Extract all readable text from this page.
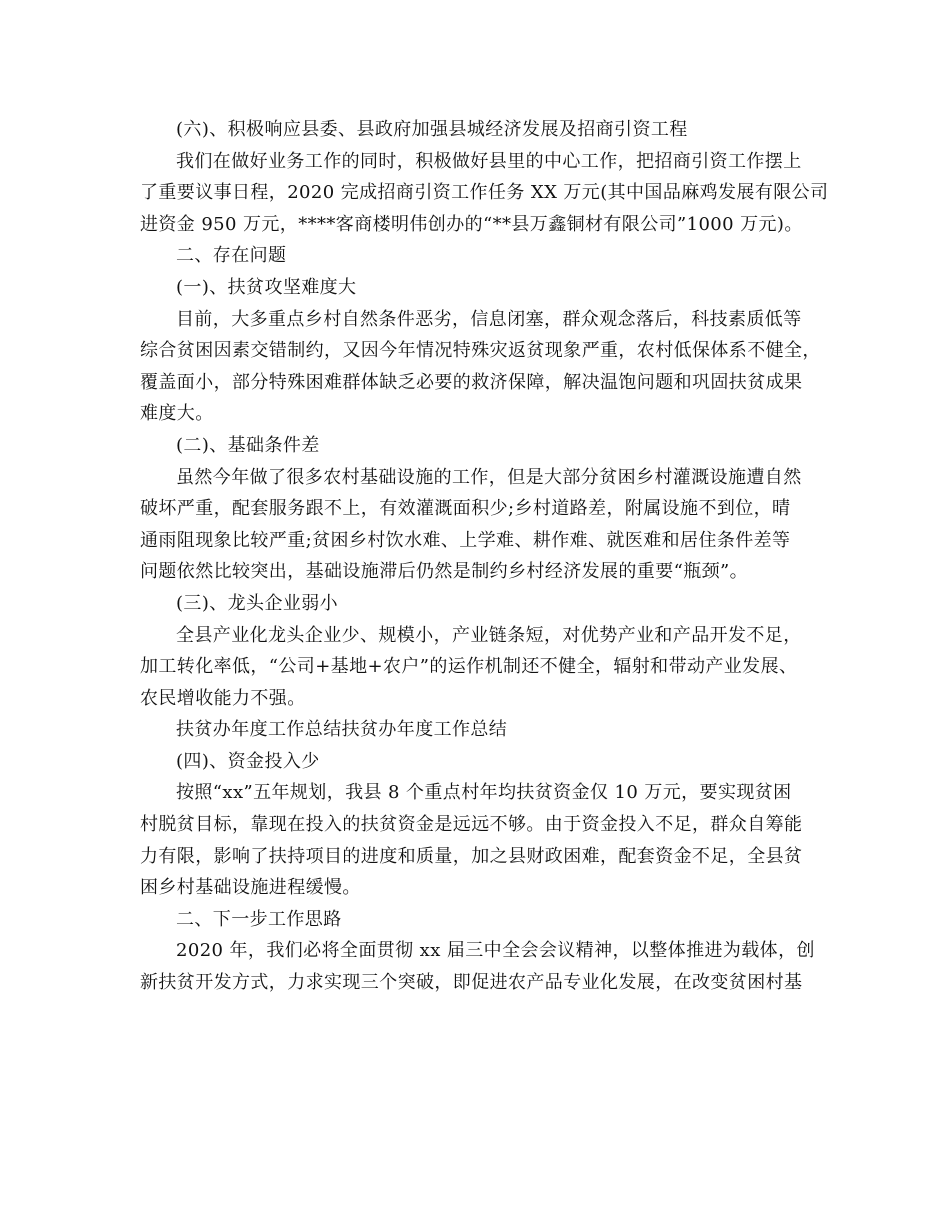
(六)、积极响应县委、县政府加强县城经济发展及招商引资工程
我们在做好业务工作的同时，积极做好县里的中心工作，把招商引资工作摆上
了重要议事日程，2020 完成招商引资工作任务 XX 万元(其中国品麻鸡发展有限公司
进资金 950 万元，****客商楼明伟创办的“**县万鑫铜材有限公司”1000 万元)。
二、存在问题
(一)、扶贫攻坚难度大
目前，大多重点乡村自然条件恶劣，信息闭塞，群众观念落后，科技素质低等
综合贫困因素交错制约，又因今年情况特殊灾返贫现象严重，农村低保体系不健全，
覆盖面小，部分特殊困难群体缺乏必要的救济保障，解决温饱问题和巩固扶贫成果
难度大。
(二)、基础条件差
虽然今年做了很多农村基础设施的工作，但是大部分贫困乡村灌溉设施遭自然
破坏严重，配套服务跟不上，有效灌溉面积少;乡村道路差，附属设施不到位，晴
通雨阻现象比较严重;贫困乡村饮水难、上学难、耕作难、就医难和居住条件差等
问题依然比较突出，基础设施滞后仍然是制约乡村经济发展的重要“瓶颈”。
(三)、龙头企业弱小
全县产业化龙头企业少、规模小，产业链条短，对优势产业和产品开发不足，
加工转化率低，“公司+基地+农户”的运作机制还不健全，辐射和带动产业发展、
农民增收能力不强。
扶贫办年度工作总结扶贫办年度工作总结
(四)、资金投入少
按照“xx”五年规划，我县 8 个重点村年均扶贫资金仅 10 万元，要实现贫困
村脱贫目标，靠现在投入的扶贫资金是远远不够。由于资金投入不足，群众自筹能
力有限，影响了扶持项目的进度和质量，加之县财政困难，配套资金不足，全县贫
困乡村基础设施进程缓慢。
二、下一步工作思路
2020 年，我们必将全面贯彻 xx 届三中全会会议精神，以整体推进为载体，创
新扶贫开发方式，力求实现三个突破，即促进农产品专业化发展，在改变贫困村基
